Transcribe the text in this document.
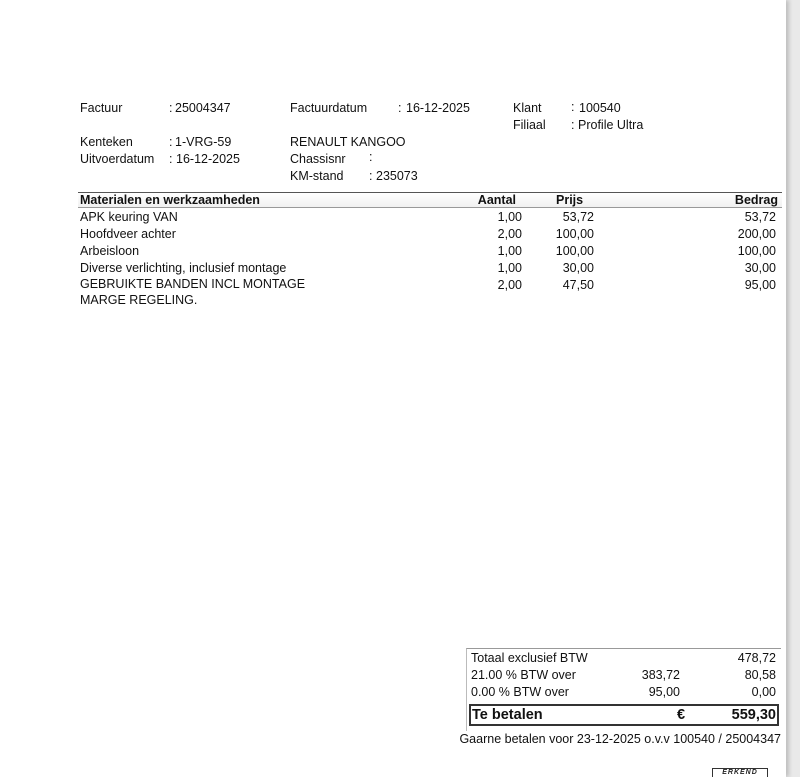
Factuur	: 25004347	Factuurdatum : 16-12-2025	Klant : 100540
Filiaal : Profile Ultra
Kenteken	: 1-VRG-59	RENAULT KANGOO
Uitvoerdatum : 16-12-2025	Chassisnr :
KM-stand : 235073
Materialen en werkzaamheden	Aantal	Prijs	Bedrag
APK keuring VAN	1,00	53,72	53,72
Hoofdveer achter	2,00	100,00	200,00
Arbeisloon	1,00	100,00	100,00
Diverse verlichting, inclusief montage	1,00	30,00	30,00
GEBRUIKTE BANDEN INCL MONTAGE	2,00	47,50	95,00
MARGE REGELING.
Totaal exclusief BTW	478,72
21.00 % BTW over	383,72	80,58
0.00 % BTW over	95,00	0,00
Te betalen	€	559,30
Gaarne betalen voor 23-12-2025 o.v.v 100540 / 25004347
ERKEND
